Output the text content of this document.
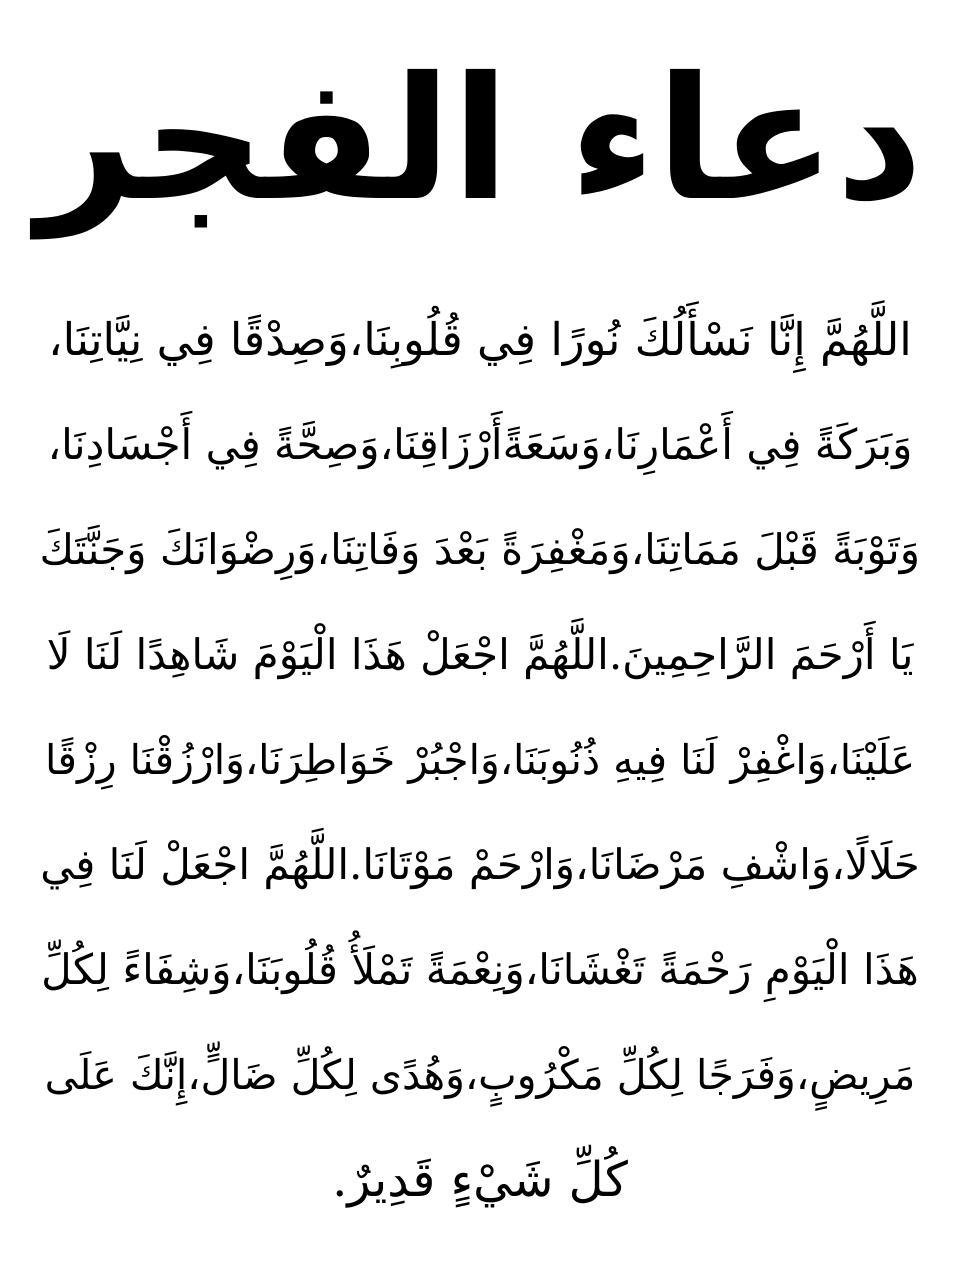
دعاء الفجر
اللَّهُمَّ إِنَّا نَسْأَلُكَ نُورًا فِي قُلُوبِنَا،وَصِدْقًا فِي نِيَّاتِنَا،
وَبَرَكَةً فِي أَعْمَارِنَا،وَسَعَةًأَرْزَاقِنَا،وَصِحَّةً فِي أَجْسَادِنَا،
وَتَوْبَةً قَبْلَ مَمَاتِنَا،وَمَغْفِرَةً بَعْدَ وَفَاتِنَا،وَرِضْوَانَكَ وَجَنَّتَكَ
يَا أَرْحَمَ الرَّاحِمِينَ.اللَّهُمَّ اجْعَلْ هَذَا الْيَوْمَ شَاهِدًا لَنَا لَا
عَلَيْنَا،وَاغْفِرْ لَنَا فِيهِ ذُنُوبَنَا،وَاجْبُرْ خَوَاطِرَنَا،وَارْزُقْنَا رِزْقًا
حَلَالًا،وَاشْفِ مَرْضَانَا،وَارْحَمْ مَوْتَانَا.اللَّهُمَّ اجْعَلْ لَنَا فِي
هَذَا الْيَوْمِ رَحْمَةً تَغْشَانَا،وَنِعْمَةً تَمْلَأُ قُلُوبَنَا،وَشِفَاءً لِكُلِّ
مَرِيضٍ،وَفَرَجًا لِكُلِّ مَكْرُوبٍ،وَهُدًى لِكُلِّ ضَالٍّ،إِنَّكَ عَلَى
كُلِّ شَيْءٍ قَدِيرٌ.
